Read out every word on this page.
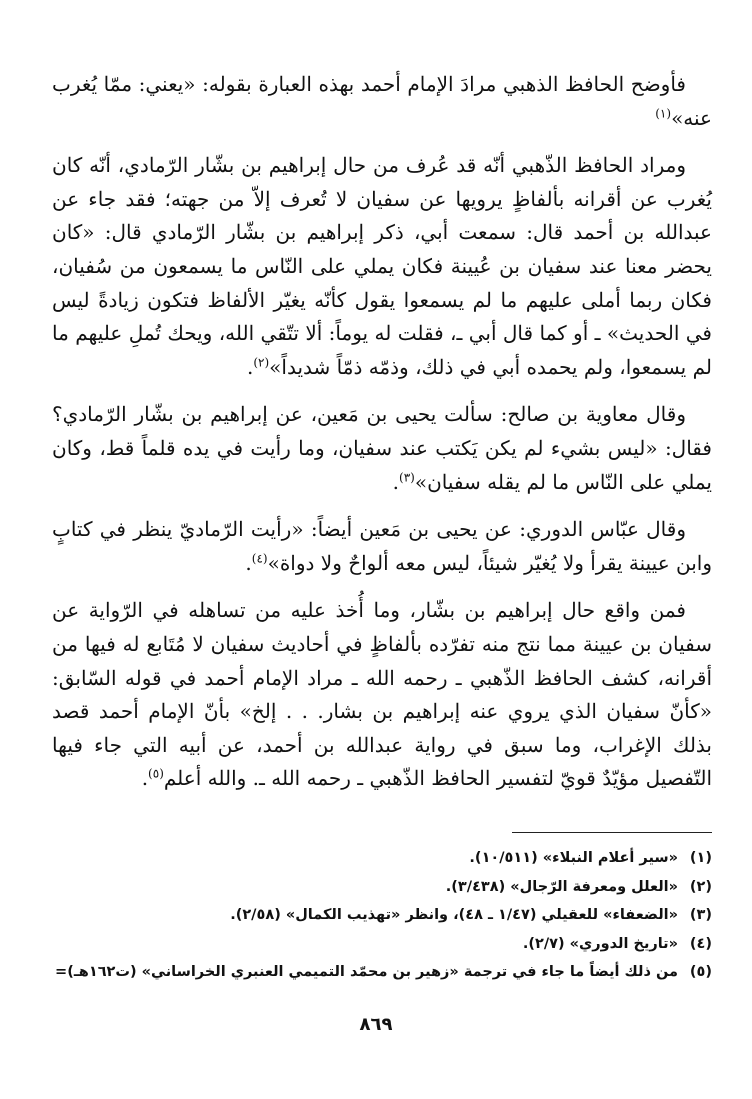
فأوضح الحافظ الذهبي مرادَ الإمام أحمد بهذه العبارة بقوله: «يعني: ممّا يُغرب عنه»$^{(١)}$

ومراد الحافظ الذّهبي أنّه قد عُرف من حال إبراهيم بن بشّار الرّمادي، أنّه كان يُغرب عن أقرانه بألفاظٍ يرويها عن سفيان لا تُعرف إلاّ من جهته؛ فقد جاء عن عبدالله بن أحمد قال: سمعت أبي، ذكر إبراهيم بن بشّار الرّمادي قال: «كان يحضر معنا عند سفيان بن عُيينة فكان يملي على النّاس ما يسمعون من سُفيان، فكان ربما أملى عليهم ما لم يسمعوا يقول كأنّه يغيّر الألفاظ فتكون زيادةً ليس في الحديث» ـ أو كما قال أبي ـ، فقلت له يوماً: ألا تتّقي الله، ويحك تُملِ عليهم ما لم يسمعوا، ولم يحمده أبي في ذلك، وذمّه ذمّاً شديداً»$^{(٢)}$.

وقال معاوية بن صالح: سألت يحيى بن مَعين، عن إبراهيم بن بشّار الرّمادي؟ فقال: «ليس بشيء لم يكن يَكتب عند سفيان، وما رأيت في يده قلماً قط، وكان يملي على النّاس ما لم يقله سفيان»$^{(٣)}$.

وقال عبّاس الدوري: عن يحيى بن مَعين أيضاً: «رأيت الرّماديّ ينظر في كتابٍ وابن عيينة يقرأ ولا يُغيّر شيئاً، ليس معه ألواحٌ ولا دواة»$^{(٤)}$.

فمن واقع حال إبراهيم بن بشّار، وما أُخذ عليه من تساهله في الرّواية عن سفيان بن عيينة مما نتج منه تفرّده بألفاظٍ في أحاديث سفيان لا مُتَابع له فيها من أقرانه، كشف الحافظ الذّهبي ـ رحمه الله ـ مراد الإمام أحمد في قوله السّابق: «كأنّ سفيان الذي يروي عنه إبراهيم بن بشار. . . إلخ» بأنّ الإمام أحمد قصد بذلك الإغراب، وما سبق في رواية عبدالله بن أحمد، عن أبيه التي جاء فيها التّفصيل مؤيّدٌ قويّ لتفسير الحافظ الذّهبي ـ رحمه الله ـ. والله أعلم$^{(٥)}$.

(١)«سير أعلام النبلاء» (١٠/٥١١).
(٢)«العلل ومعرفة الرّجال» (٣/٤٣٨).
(٣)«الضعفاء» للعقيلي (١/٤٧ ـ ٤٨)، وانظر «تهذيب الكمال» (٢/٥٨).
(٤)«تاريخ الدوري» (٢/٧).
(٥)من ذلك أيضاً ما جاء في ترجمة «زهير بن محمّد التميمي العنبري الخراساني» (ت١٦٢هـ)=
٨٦٩
